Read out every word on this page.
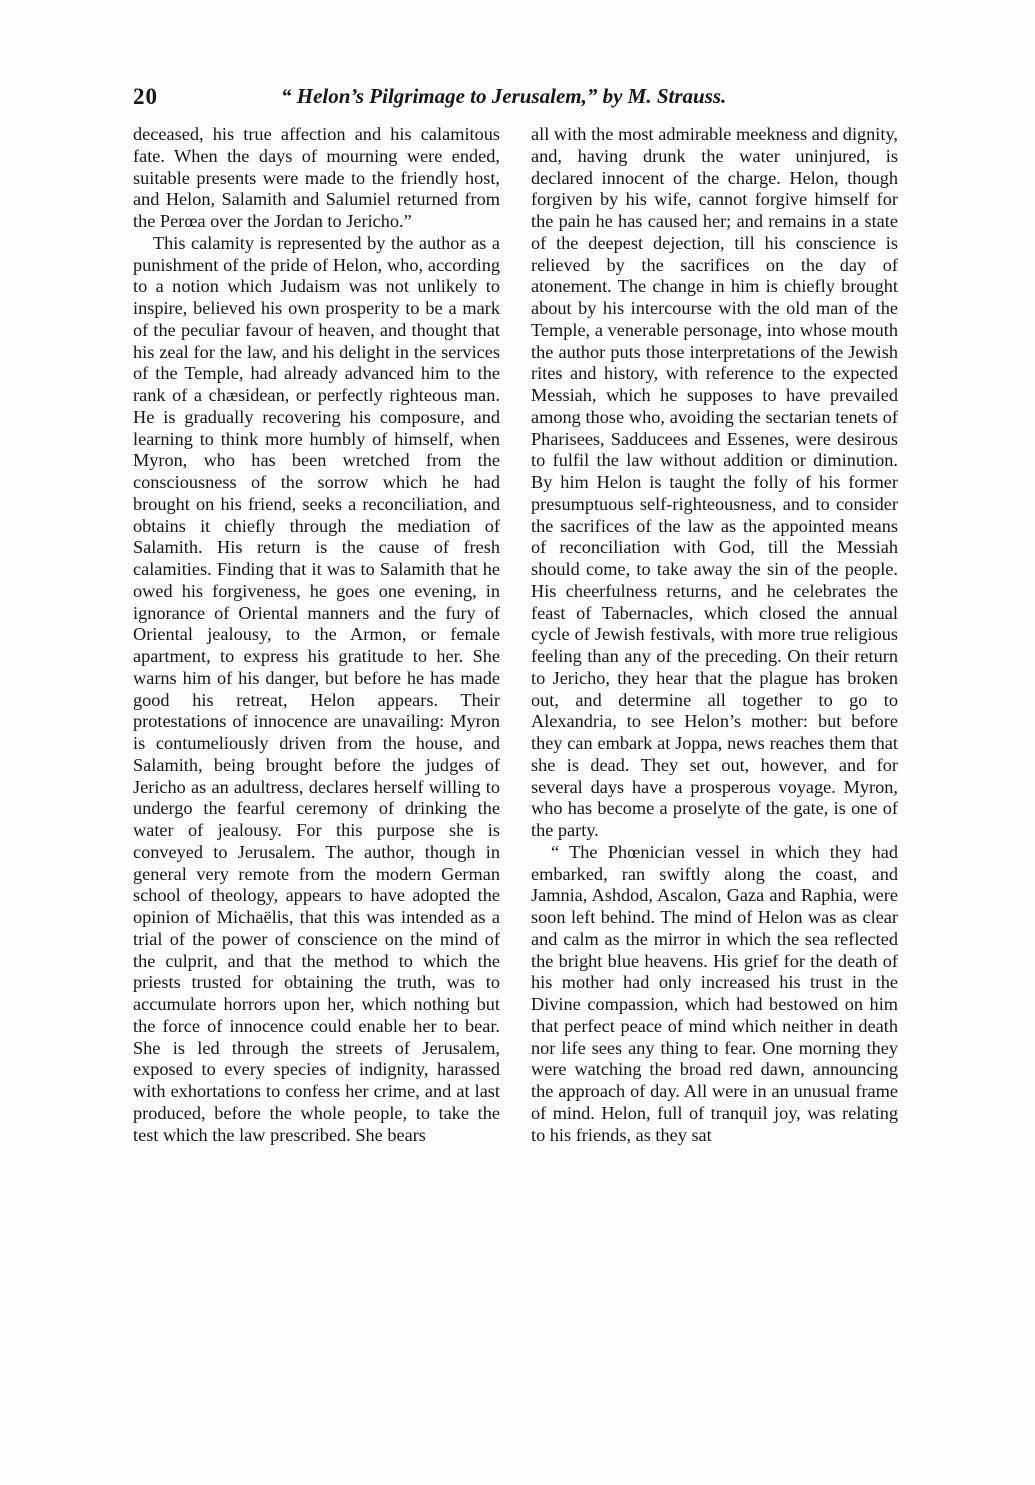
20	“ Helon’s Pilgrimage to Jerusalem,” by M. Strauss.

deceased, his true affection and his calamitous fate. When the days of mourning were ended, suitable presents were made to the friendly host, and Helon, Salamith and Salumiel returned from the Perœa over the Jordan to Jericho.”

This calamity is represented by the author as a punishment of the pride of Helon, who, according to a notion which Judaism was not unlikely to inspire, believed his own prosperity to be a mark of the peculiar favour of heaven, and thought that his zeal for the law, and his delight in the services of the Temple, had already advanced him to the rank of a chæsidean, or perfectly righteous man. He is gradually recovering his composure, and learning to think more humbly of himself, when Myron, who has been wretched from the consciousness of the sorrow which he had brought on his friend, seeks a reconciliation, and obtains it chiefly through the mediation of Salamith. His return is the cause of fresh calamities. Finding that it was to Salamith that he owed his forgiveness, he goes one evening, in ignorance of Oriental manners and the fury of Oriental jealousy, to the Armon, or female apartment, to express his gratitude to her. She warns him of his danger, but before he has made good his retreat, Helon appears. Their protestations of innocence are unavailing: Myron is contumeliously driven from the house, and Salamith, being brought before the judges of Jericho as an adultress, declares herself willing to undergo the fearful ceremony of drinking the water of jealousy. For this purpose she is conveyed to Jerusalem. The author, though in general very remote from the modern German school of theology, appears to have adopted the opinion of Michaëlis, that this was intended as a trial of the power of conscience on the mind of the culprit, and that the method to which the priests trusted for obtaining the truth, was to accumulate horrors upon her, which nothing but the force of innocence could enable her to bear. She is led through the streets of Jerusalem, exposed to every species of indignity, harassed with exhortations to confess her crime, and at last produced, before the whole people, to take the test which the law prescribed. She bears

all with the most admirable meekness and dignity, and, having drunk the water uninjured, is declared innocent of the charge. Helon, though forgiven by his wife, cannot forgive himself for the pain he has caused her; and remains in a state of the deepest dejection, till his conscience is relieved by the sacrifices on the day of atonement. The change in him is chiefly brought about by his intercourse with the old man of the Temple, a venerable personage, into whose mouth the author puts those interpretations of the Jewish rites and history, with reference to the expected Messiah, which he supposes to have prevailed among those who, avoiding the sectarian tenets of Pharisees, Sadducees and Essenes, were desirous to fulfil the law without addition or diminution. By him Helon is taught the folly of his former presumptuous self-righteousness, and to consider the sacrifices of the law as the appointed means of reconciliation with God, till the Messiah should come, to take away the sin of the people. His cheerfulness returns, and he celebrates the feast of Tabernacles, which closed the annual cycle of Jewish festivals, with more true religious feeling than any of the preceding. On their return to Jericho, they hear that the plague has broken out, and determine all together to go to Alexandria, to see Helon’s mother: but before they can embark at Joppa, news reaches them that she is dead. They set out, however, and for several days have a prosperous voyage. Myron, who has become a proselyte of the gate, is one of the party.

“ The Phœnician vessel in which they had embarked, ran swiftly along the coast, and Jamnia, Ashdod, Ascalon, Gaza and Raphia, were soon left behind. The mind of Helon was as clear and calm as the mirror in which the sea reflected the bright blue heavens. His grief for the death of his mother had only increased his trust in the Divine compassion, which had bestowed on him that perfect peace of mind which neither in death nor life sees any thing to fear. One morning they were watching the broad red dawn, announcing the approach of day. All were in an unusual frame of mind. Helon, full of tranquil joy, was relating to his friends, as they sat
